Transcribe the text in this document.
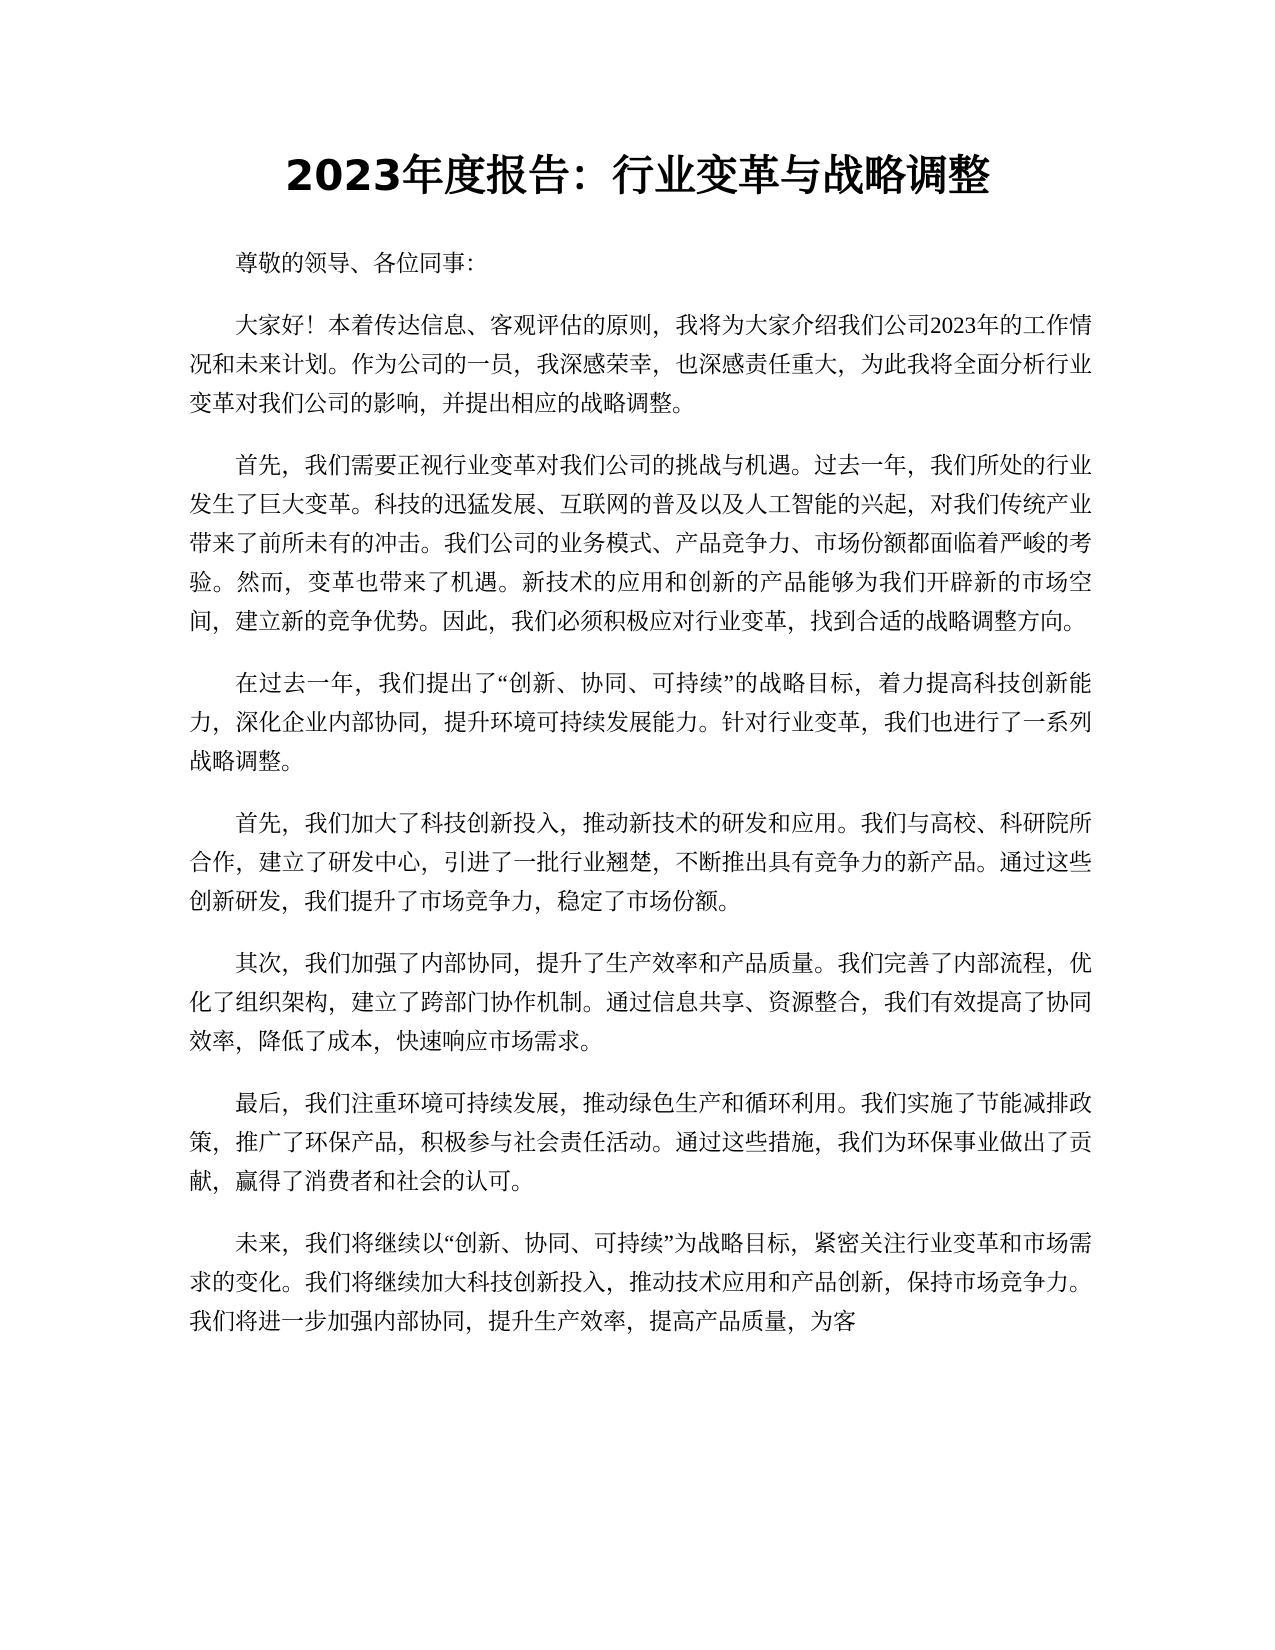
2023年度报告：行业变革与战略调整

尊敬的领导、各位同事：

大家好！本着传达信息、客观评估的原则，我将为大家介绍我们公司2023年的工作情况和未来计划。作为公司的一员，我深感荣幸，也深感责任重大，为此我将全面分析行业变革对我们公司的影响，并提出相应的战略调整。

首先，我们需要正视行业变革对我们公司的挑战与机遇。过去一年，我们所处的行业发生了巨大变革。科技的迅猛发展、互联网的普及以及人工智能的兴起，对我们传统产业带来了前所未有的冲击。我们公司的业务模式、产品竞争力、市场份额都面临着严峻的考验。然而，变革也带来了机遇。新技术的应用和创新的产品能够为我们开辟新的市场空间，建立新的竞争优势。因此，我们必须积极应对行业变革，找到合适的战略调整方向。

在过去一年，我们提出了“创新、协同、可持续”的战略目标，着力提高科技创新能力，深化企业内部协同，提升环境可持续发展能力。针对行业变革，我们也进行了一系列战略调整。

首先，我们加大了科技创新投入，推动新技术的研发和应用。我们与高校、科研院所合作，建立了研发中心，引进了一批行业翘楚，不断推出具有竞争力的新产品。通过这些创新研发，我们提升了市场竞争力，稳定了市场份额。

其次，我们加强了内部协同，提升了生产效率和产品质量。我们完善了内部流程，优化了组织架构，建立了跨部门协作机制。通过信息共享、资源整合，我们有效提高了协同效率，降低了成本，快速响应市场需求。

最后，我们注重环境可持续发展，推动绿色生产和循环利用。我们实施了节能减排政策，推广了环保产品，积极参与社会责任活动。通过这些措施，我们为环保事业做出了贡献，赢得了消费者和社会的认可。

未来，我们将继续以“创新、协同、可持续”为战略目标，紧密关注行业变革和市场需求的变化。我们将继续加大科技创新投入，推动技术应用和产品创新，保持市场竞争力。我们将进一步加强内部协同，提升生产效率，提高产品质量，为客
